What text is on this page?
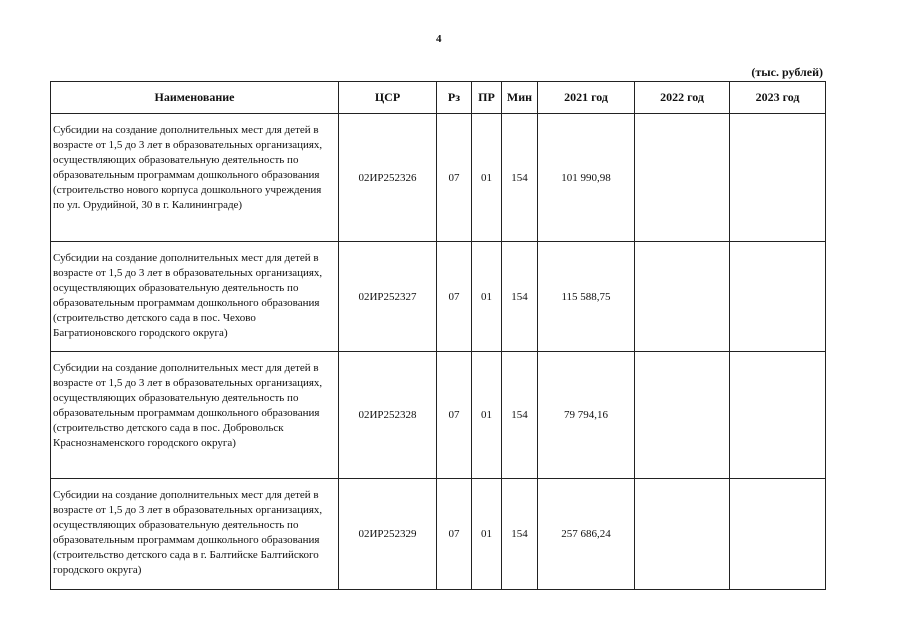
4
(тыс. рублей)
Наименование	ЦСР	Рз	ПР	Мин	2021 год	2022 год	2023 год
Субсидии на создание дополнительных мест для детей в возрасте от 1,5 до 3 лет в образовательных организациях, осуществляющих образовательную деятельность по образовательным программам дошкольного образования (строительство нового корпуса дошкольного учреждения по ул. Орудийной, 30 в г. Калининграде)	02ИР252326	07	01	154	101 990,98		
Субсидии на создание дополнительных мест для детей в возрасте от 1,5 до 3 лет в образовательных организациях, осуществляющих образовательную деятельность по образовательным программам дошкольного образования (строительство детского сада в пос. Чехово Багратионовского городского округа)	02ИР252327	07	01	154	115 588,75		
Субсидии на создание дополнительных мест для детей в возрасте от 1,5 до 3 лет в образовательных организациях, осуществляющих образовательную деятельность по образовательным программам дошкольного образования (строительство детского сада в пос. Добровольск Краснознаменского городского округа)	02ИР252328	07	01	154	79 794,16		
Субсидии на создание дополнительных мест для детей в возрасте от 1,5 до 3 лет в образовательных организациях, осуществляющих образовательную деятельность по образовательным программам дошкольного образования (строительство детского сада в г. Балтийске Балтийского городского округа)	02ИР252329	07	01	154	257 686,24		
